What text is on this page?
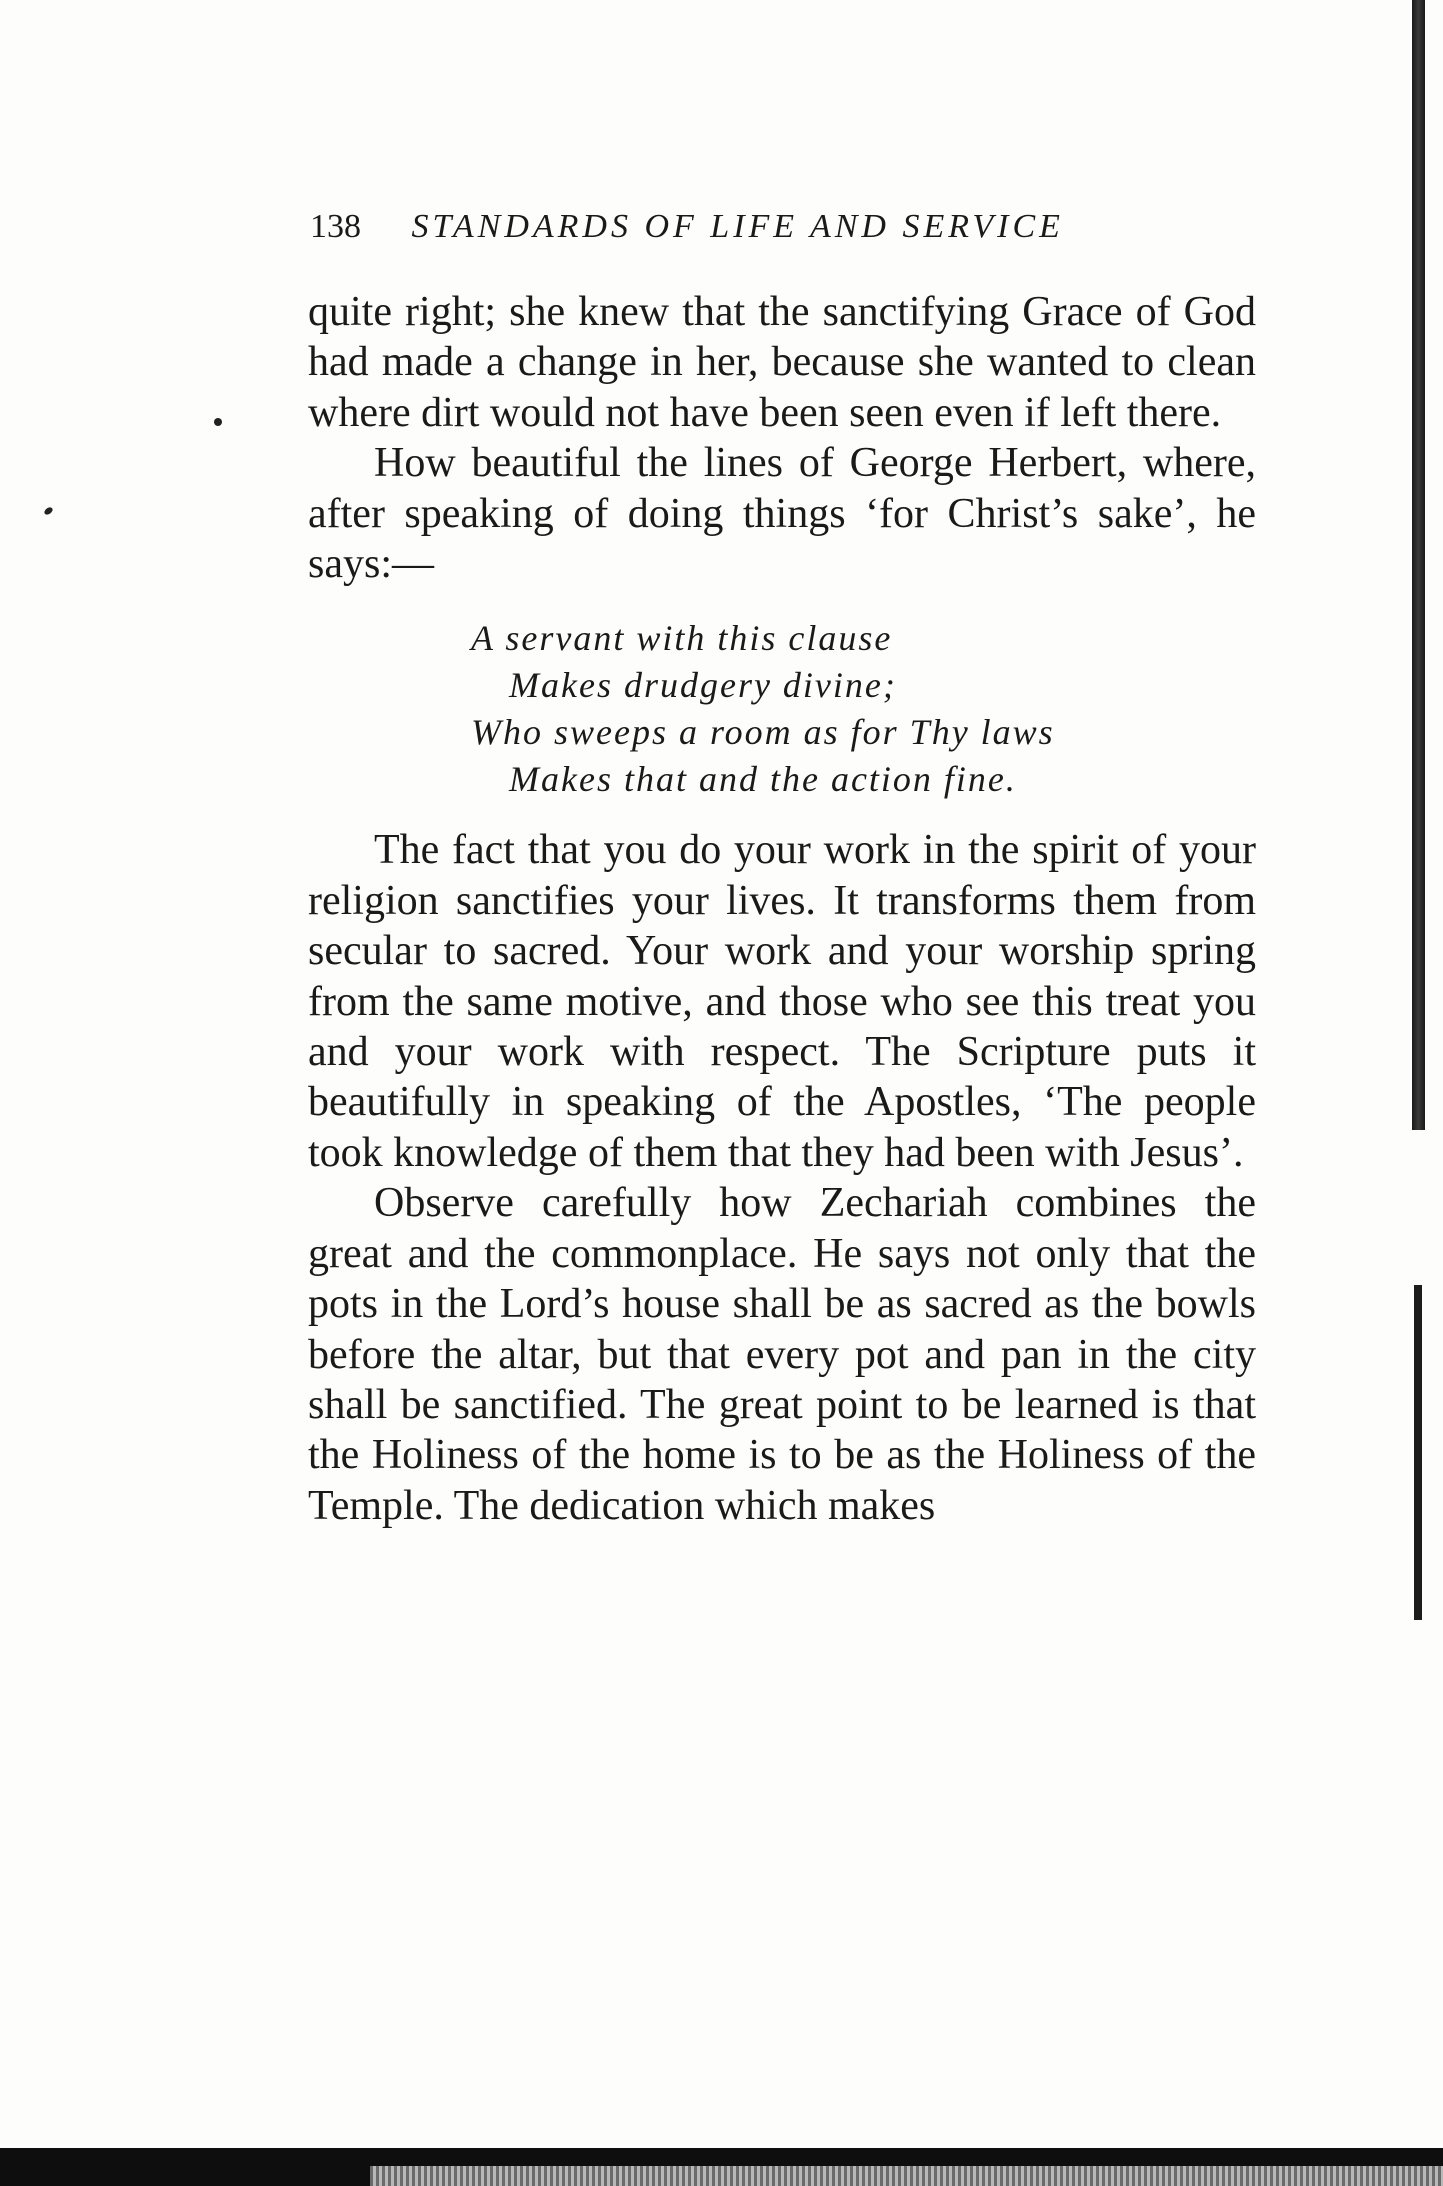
138 STANDARDS OF LIFE AND SERVICE

quite right; she knew that the sanctifying Grace of God had made a change in her, because she wanted to clean where dirt would not have been seen even if left there.

How beautiful the lines of George Herbert, where, after speaking of doing things ‘for Christ’s sake’, he says:—

A servant with this clause
Makes drudgery divine;
Who sweeps a room as for Thy laws
Makes that and the action fine.

The fact that you do your work in the spirit of your religion sanctifies your lives. It transforms them from secular to sacred. Your work and your worship spring from the same motive, and those who see this treat you and your work with respect. The Scripture puts it beautifully in speaking of the Apostles, ‘The people took knowledge of them that they had been with Jesus’.

Observe carefully how Zechariah combines the great and the commonplace. He says not only that the pots in the Lord’s house shall be as sacred as the bowls before the altar, but that every pot and pan in the city shall be sanctified. The great point to be learned is that the Holiness of the home is to be as the Holiness of the Temple. The dedication which makes
